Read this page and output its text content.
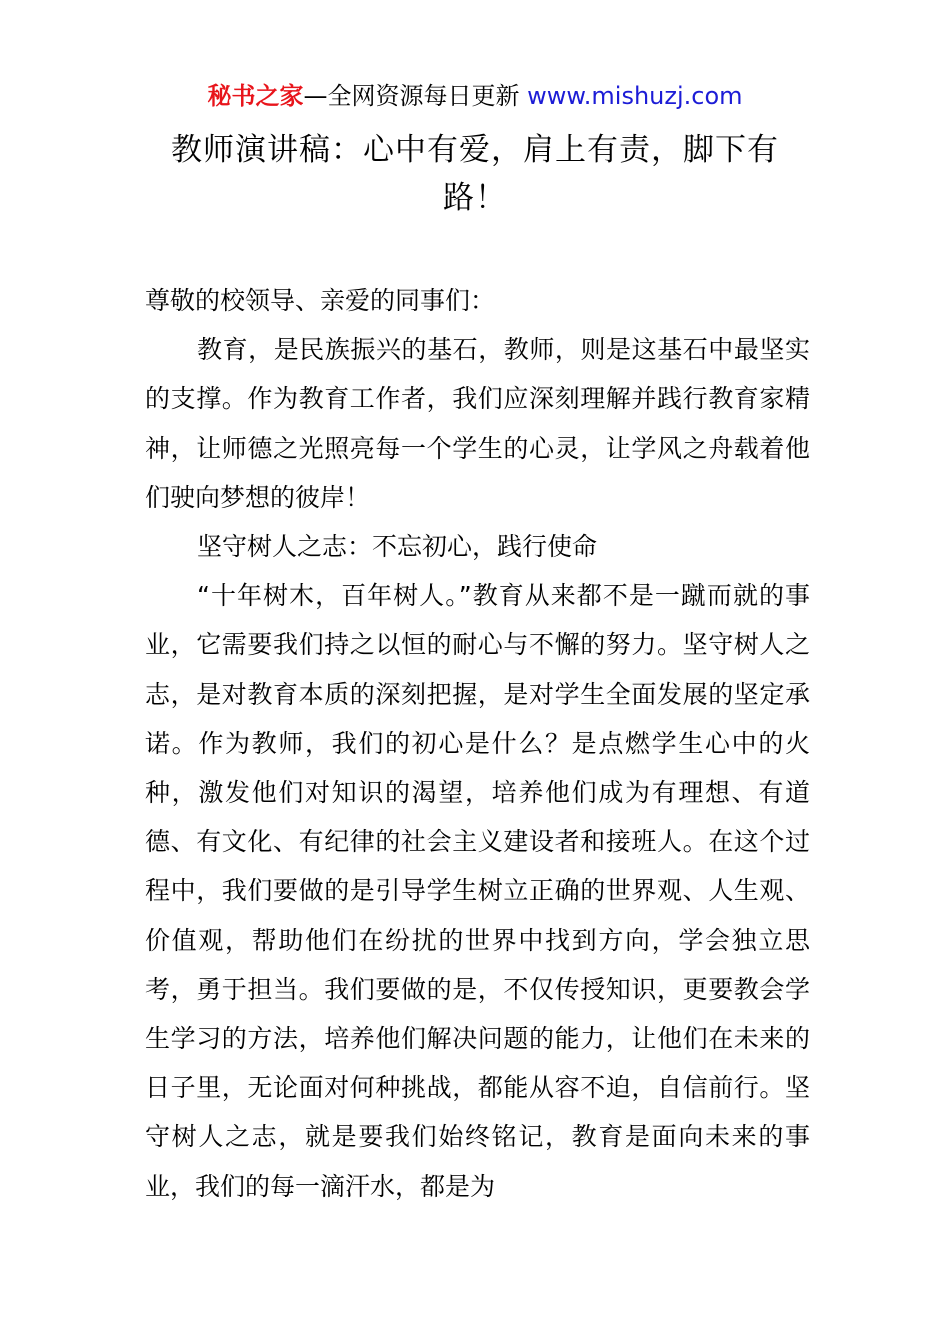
秘书之家—全网资源每日更新 www.mishuzj.com
教师演讲稿：心中有爱，肩上有责，脚下有路！

尊敬的校领导、亲爱的同事们：

教育，是民族振兴的基石，教师，则是这基石中最坚实的支撑。作为教育工作者，我们应深刻理解并践行教育家精神，让师德之光照亮每一个学生的心灵，让学风之舟载着他们驶向梦想的彼岸！

坚守树人之志：不忘初心，践行使命

“十年树木，百年树人。”教育从来都不是一蹴而就的事业，它需要我们持之以恒的耐心与不懈的努力。坚守树人之志，是对教育本质的深刻把握，是对学生全面发展的坚定承诺。作为教师，我们的初心是什么？是点燃学生心中的火种，激发他们对知识的渴望，培养他们成为有理想、有道德、有文化、有纪律的社会主义建设者和接班人。在这个过程中，我们要做的是引导学生树立正确的世界观、人生观、价值观，帮助他们在纷扰的世界中找到方向，学会独立思考，勇于担当。我们要做的是，不仅传授知识，更要教会学生学习的方法，培养他们解决问题的能力，让他们在未来的日子里，无论面对何种挑战，都能从容不迫，自信前行。坚守树人之志，就是要我们始终铭记，教育是面向未来的事业，我们的每一滴汗水，都是为
